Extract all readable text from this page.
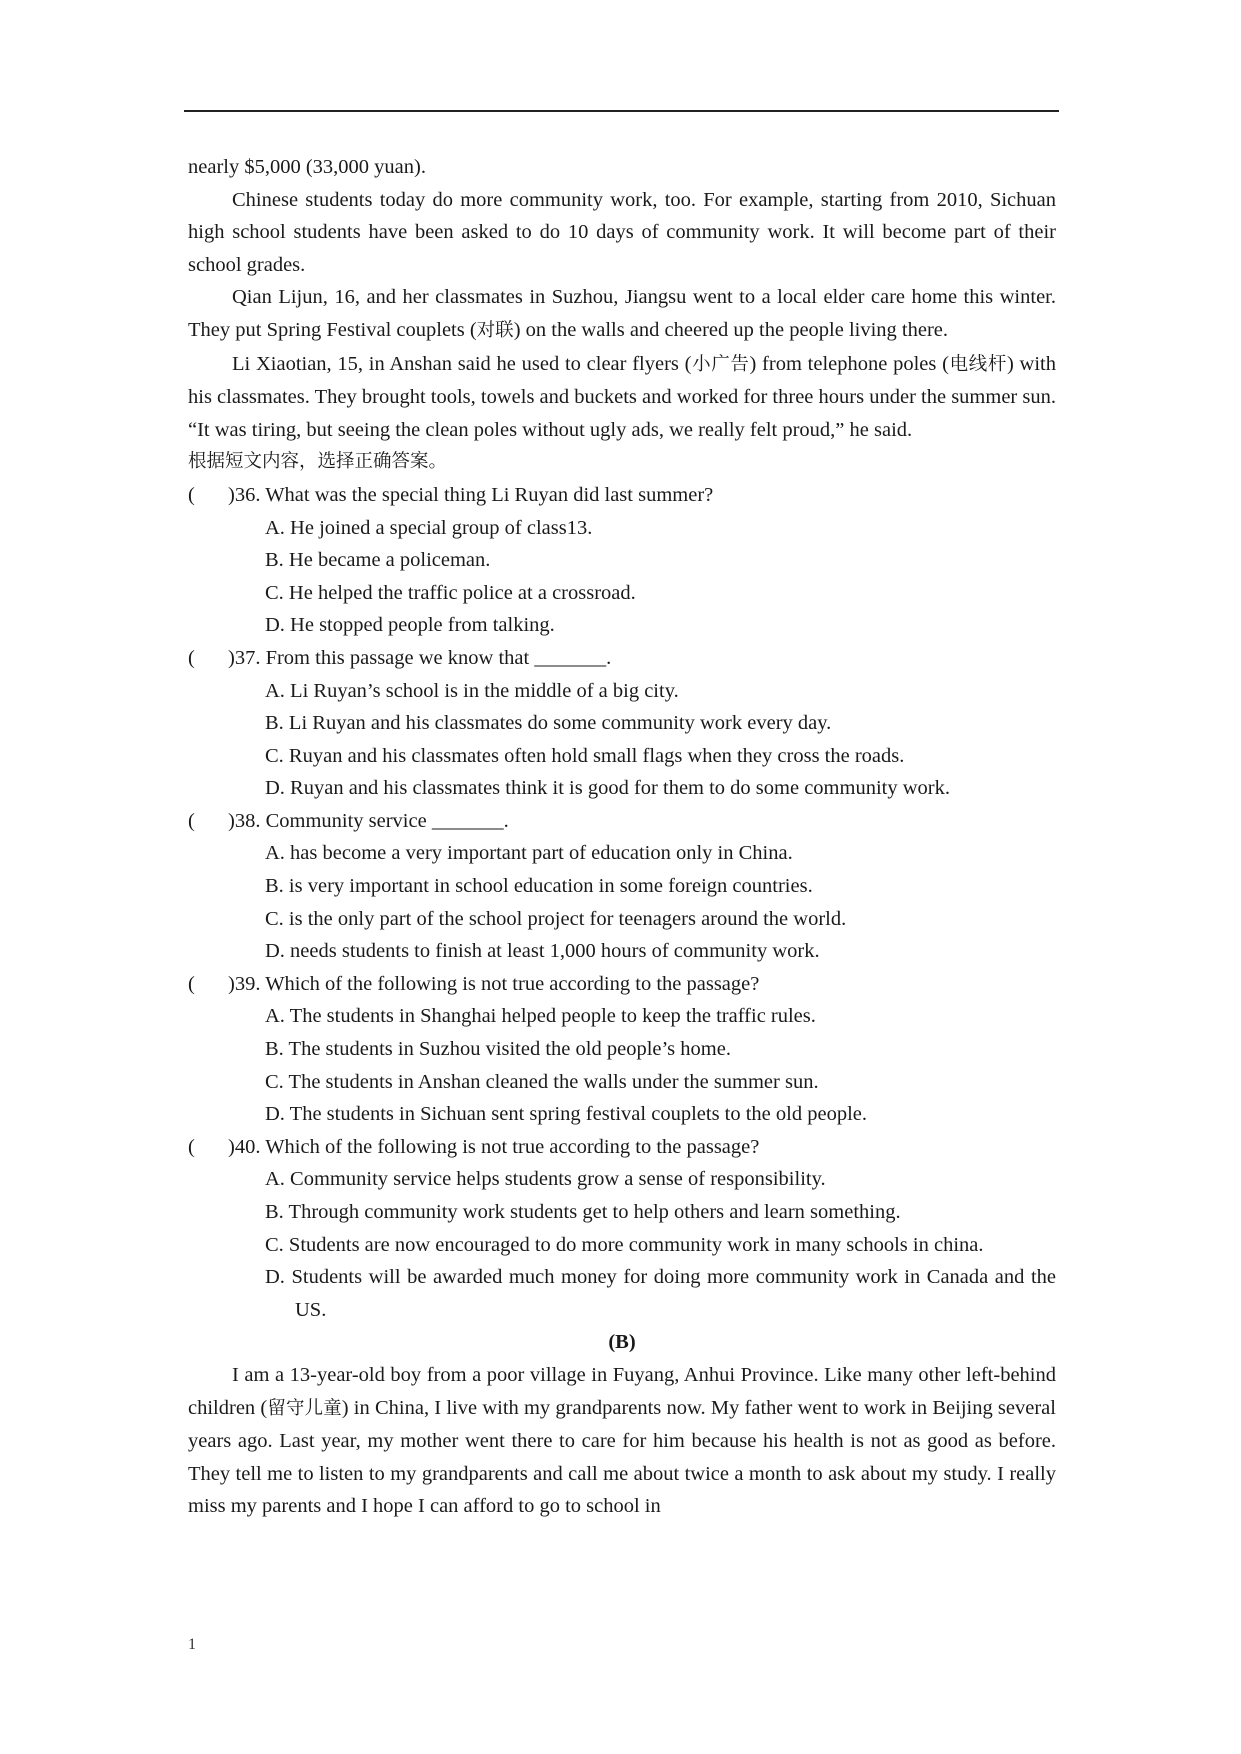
nearly $5,000 (33,000 yuan).

Chinese students today do more community work, too. For example, starting from 2010, Sichuan high school students have been asked to do 10 days of community work. It will become part of their school grades.

Qian Lijun, 16, and her classmates in Suzhou, Jiangsu went to a local elder care home this winter. They put Spring Festival couplets (对联) on the walls and cheered up the people living there.

Li Xiaotian, 15, in Anshan said he used to clear flyers (小广告) from telephone poles (电线杆) with his classmates. They brought tools, towels and buckets and worked for three hours under the summer sun. “It was tiring, but seeing the clean poles without ugly ads, we really felt proud,” he said.

根据短文内容，选择正确答案。

( )36. What was the special thing Li Ruyan did last summer?

A. He joined a special group of class13.

B. He became a policeman.

C. He helped the traffic police at a crossroad.

D. He stopped people from talking.

( )37. From this passage we know that _______.

A. Li Ruyan’s school is in the middle of a big city.

B. Li Ruyan and his classmates do some community work every day.

C. Ruyan and his classmates often hold small flags when they cross the roads.

D. Ruyan and his classmates think it is good for them to do some community work.

( )38. Community service _______.

A. has become a very important part of education only in China.

B. is very important in school education in some foreign countries.

C. is the only part of the school project for teenagers around the world.

D. needs students to finish at least 1,000 hours of community work.

( )39. Which of the following is not true according to the passage?

A. The students in Shanghai helped people to keep the traffic rules.

B. The students in Suzhou visited the old people’s home.

C. The students in Anshan cleaned the walls under the summer sun.

D. The students in Sichuan sent spring festival couplets to the old people.

( )40. Which of the following is not true according to the passage?

A. Community service helps students grow a sense of responsibility.

B. Through community work students get to help others and learn something.

C. Students are now encouraged to do more community work in many schools in china.

D. Students will be awarded much money for doing more community work in Canada and the US.

(B)

I am a 13-year-old boy from a poor village in Fuyang, Anhui Province. Like many other left-behind children (留守儿童) in China, I live with my grandparents now. My father went to work in Beijing several years ago. Last year, my mother went there to care for him because his health is not as good as before. They tell me to listen to my grandparents and call me about twice a month to ask about my study. I really miss my parents and I hope I can afford to go to school in

1
